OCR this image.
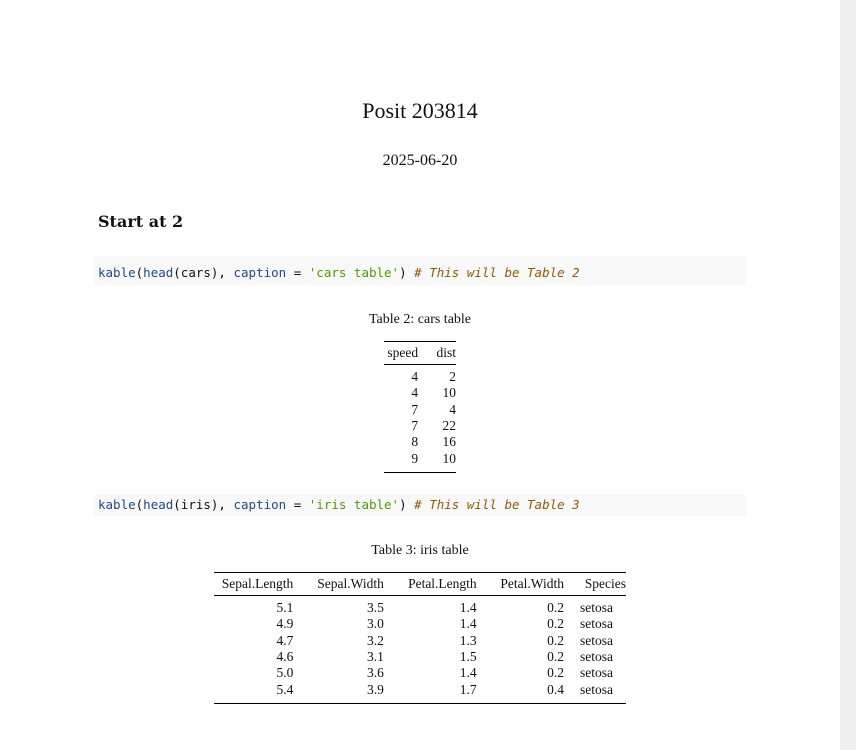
Posit 203814
2025-06-20
Start at 2
kable(head(cars), caption = 'cars table') # This will be Table 2
Table 2: cars table
speed	dist
4	2
4	10
7	4
7	22
8	16
9	10
kable(head(iris), caption = 'iris table') # This will be Table 3
Table 3: iris table
Sepal.Length	Sepal.Width	Petal.Length	Petal.Width	Species
5.1	3.5	1.4	0.2	setosa
4.9	3.0	1.4	0.2	setosa
4.7	3.2	1.3	0.2	setosa
4.6	3.1	1.5	0.2	setosa
5.0	3.6	1.4	0.2	setosa
5.4	3.9	1.7	0.4	setosa
